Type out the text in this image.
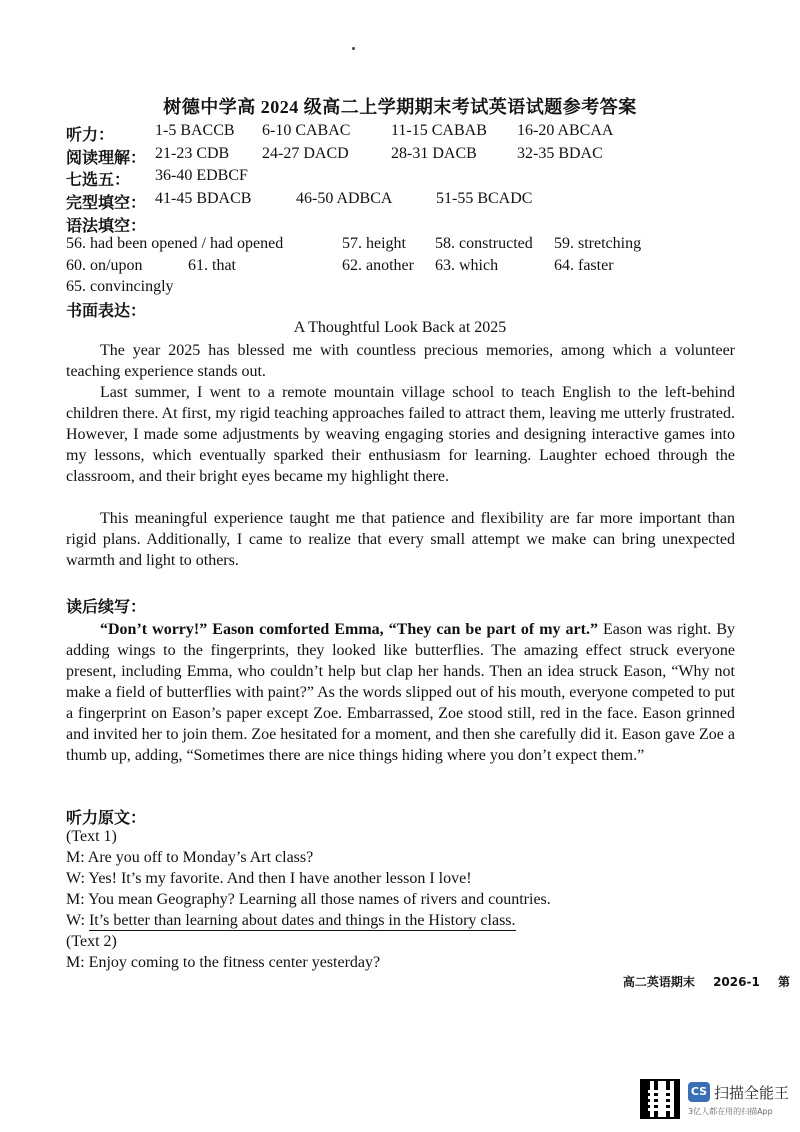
树德中学高 2024 级高二上学期期末考试英语试题参考答案
听力：	1-5 BACCB 6-10 CABAC	11-15 CABAB 16-20 ABCAA
阅读理解： 21-23 CDB 24-27 DACD	28-31 DACB	32-35 BDAC
七选五： 36-40 EDBCF
完型填空： 41-45 BDACB	46-50 ADBCA	51-55 BCADC
语法填空：
56. had been opened / had opened	57. height 58. constructed 59. stretching
60. on/upon	61. that	62. another 63. which	64. faster
65. convincingly
书面表达：
A Thoughtful Look Back at 2025

The year 2025 has blessed me with countless precious memories, among which a volunteer teaching experience stands out.

Last summer, I went to a remote mountain village school to teach English to the left-behind children there. At first, my rigid teaching approaches failed to attract them, leaving me utterly frustrated. However, I made some adjustments by weaving engaging stories and designing interactive games into my lessons, which eventually sparked their enthusiasm for learning. Laughter echoed through the classroom, and their bright eyes became my highlight there.

This meaningful experience taught me that patience and flexibility are far more important than rigid plans. Additionally, I came to realize that every small attempt we make can bring unexpected warmth and light to others.

读后续写：

“Don’t worry!” Eason comforted Emma, “They can be part of my art.” Eason was right. By adding wings to the fingerprints, they looked like butterflies. The amazing effect struck everyone present, including Emma, who couldn’t help but clap her hands. Then an idea struck Eason, “Why not make a field of butterflies with paint?” As the words slipped out of his mouth, everyone competed to put a fingerprint on Eason’s paper except Zoe. Embarrassed, Zoe stood still, red in the face. Eason grinned and invited her to join them. Zoe hesitated for a moment, and then she carefully did it. Eason gave Zoe a thumb up, adding, “Sometimes there are nice things hiding where you don’t expect them.”

听力原文：
(Text 1)
M: Are you off to Monday’s Art class?
W: Yes! It’s my favorite. And then I have another lesson I love!
M: You mean Geography? Learning all those names of rivers and countries.
W: It’s better than learning about dates and things in the History class.
(Text 2)
M: Enjoy coming to the fitness center yesterday?
高二英语期末 2026-1 第
CS 扫描全能王
3亿人都在用的扫描App
